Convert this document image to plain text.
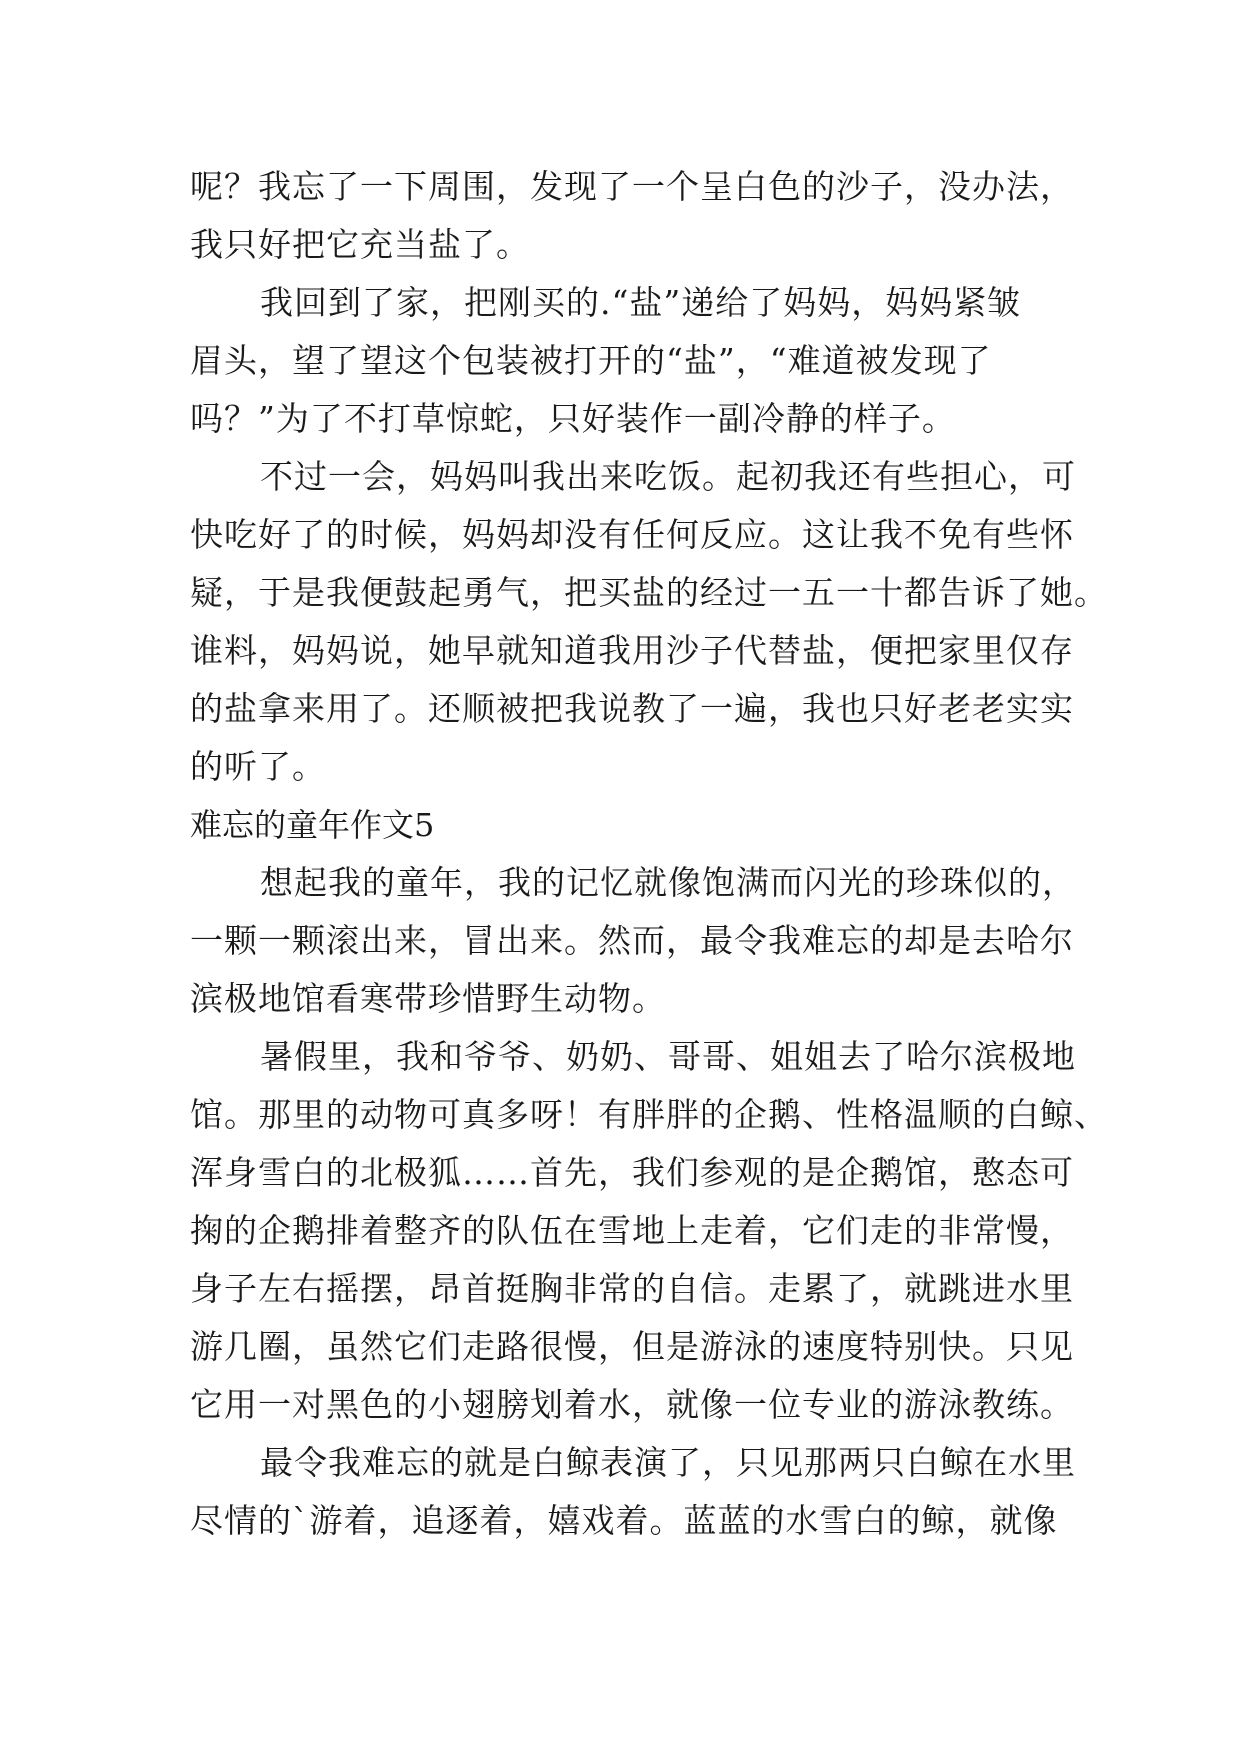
呢？我忘了一下周围，发现了一个呈白色的沙子，没办法，
我只好把它充当盐了。
我回到了家，把刚买的.“盐”递给了妈妈，妈妈紧皱
眉头，望了望这个包装被打开的“盐”，“难道被发现了
吗？”为了不打草惊蛇，只好装作一副冷静的样子。
不过一会，妈妈叫我出来吃饭。起初我还有些担心，可
快吃好了的时候，妈妈却没有任何反应。这让我不免有些怀
疑，于是我便鼓起勇气，把买盐的经过一五一十都告诉了她。
谁料，妈妈说，她早就知道我用沙子代替盐，便把家里仅存
的盐拿来用了。还顺被把我说教了一遍，我也只好老老实实
的听了。
难忘的童年作文5
想起我的童年，我的记忆就像饱满而闪光的珍珠似的，
一颗一颗滚出来，冒出来。然而，最令我难忘的却是去哈尔
滨极地馆看寒带珍惜野生动物。
暑假里，我和爷爷、奶奶、哥哥、姐姐去了哈尔滨极地
馆。那里的动物可真多呀！有胖胖的企鹅、性格温顺的白鲸、
浑身雪白的北极狐……首先，我们参观的是企鹅馆，憨态可
掬的企鹅排着整齐的队伍在雪地上走着，它们走的非常慢，
身子左右摇摆，昂首挺胸非常的自信。走累了，就跳进水里
游几圈，虽然它们走路很慢，但是游泳的速度特别快。只见
它用一对黑色的小翅膀划着水，就像一位专业的游泳教练。
最令我难忘的就是白鲸表演了，只见那两只白鲸在水里
尽情的`游着，追逐着，嬉戏着。蓝蓝的水雪白的鲸，就像
